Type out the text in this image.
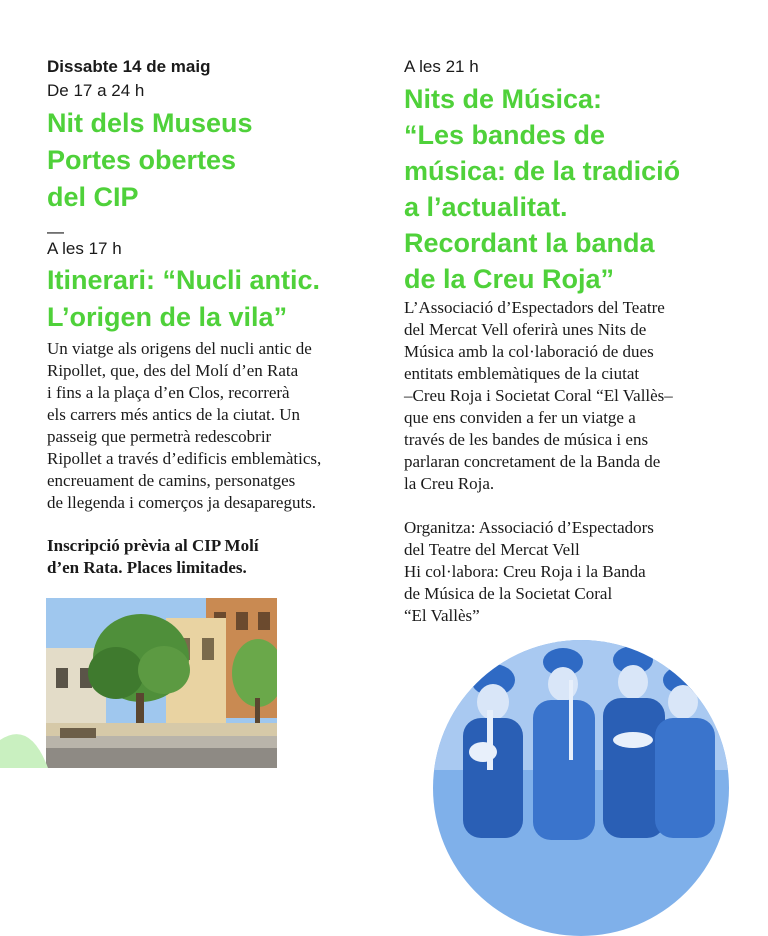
Dissabte 14 de maig
De 17 a 24 h
Nit dels Museus
Portes obertes
del CIP
—
A les 17 h
Itinerari: “Nucli antic.
L’origen de la vila”
Un viatge als origens del nucli antic de
Ripollet, que, des del Molí d’en Rata
i fins a la plaça d’en Clos, recorrerà
els carrers més antics de la ciutat. Un
passeig que permetrà redescobrir
Ripollet a través d’edificis emblemàtics,
encreuament de camins, personatges
de llegenda i comerços ja desapareguts.
Inscripció prèvia al CIP Molí
d’en Rata. Places limitades.
A les 21 h
Nits de Música:
“Les bandes de
música: de la tradició
a l’actualitat.
Recordant la banda
de la Creu Roja”
L’Associació d’Espectadors del Teatre
del Mercat Vell oferirà unes Nits de
Música amb la col·laboració de dues
entitats emblemàtiques de la ciutat
–Creu Roja i Societat Coral “El Vallès–
que ens conviden a fer un viatge a
través de les bandes de música i ens
parlaran concretament de la Banda de
la Creu Roja.
Organitza: Associació d’Espectadors
del Teatre del Mercat Vell
Hi col·labora: Creu Roja i la Banda
de Música de la Societat Coral
“El Vallès”
